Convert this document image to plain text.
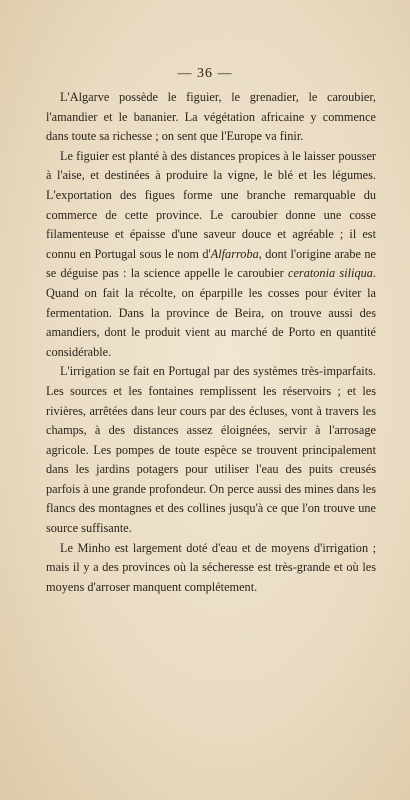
— 36 —

L'Algarve possède le figuier, le grenadier, le caroubier, l'amandier et le bananier. La végétation africaine y commence dans toute sa richesse ; on sent que l'Europe va finir.

Le figuier est planté à des distances propices à le laisser pousser à l'aise, et destinées à produire la vigne, le blé et les légumes. L'exportation des figues forme une branche remarquable du commerce de cette province. Le caroubier donne une cosse filamenteuse et épaisse d'une saveur douce et agréable ; il est connu en Portugal sous le nom d'Alfarroba, dont l'origine arabe ne se déguise pas : la science appelle le caroubier ceratonia siliqua. Quand on fait la récolte, on éparpille les cosses pour éviter la fermentation. Dans la province de Beira, on trouve aussi des amandiers, dont le produit vient au marché de Porto en quantité considérable.

L'irrigation se fait en Portugal par des systèmes très-imparfaits. Les sources et les fontaines remplissent les réservoirs ; et les rivières, arrêtées dans leur cours par des écluses, vont à travers les champs, à des distances assez éloignées, servir à l'arrosage agricole. Les pompes de toute espèce se trouvent principalement dans les jardins potagers pour utiliser l'eau des puits creusés parfois à une grande profondeur. On perce aussi des mines dans les flancs des montagnes et des collines jusqu'à ce que l'on trouve une source suffisante.

Le Minho est largement doté d'eau et de moyens d'irrigation ; mais il y a des provinces où la sécheresse est très-grande et où les moyens d'arroser manquent complétement.
